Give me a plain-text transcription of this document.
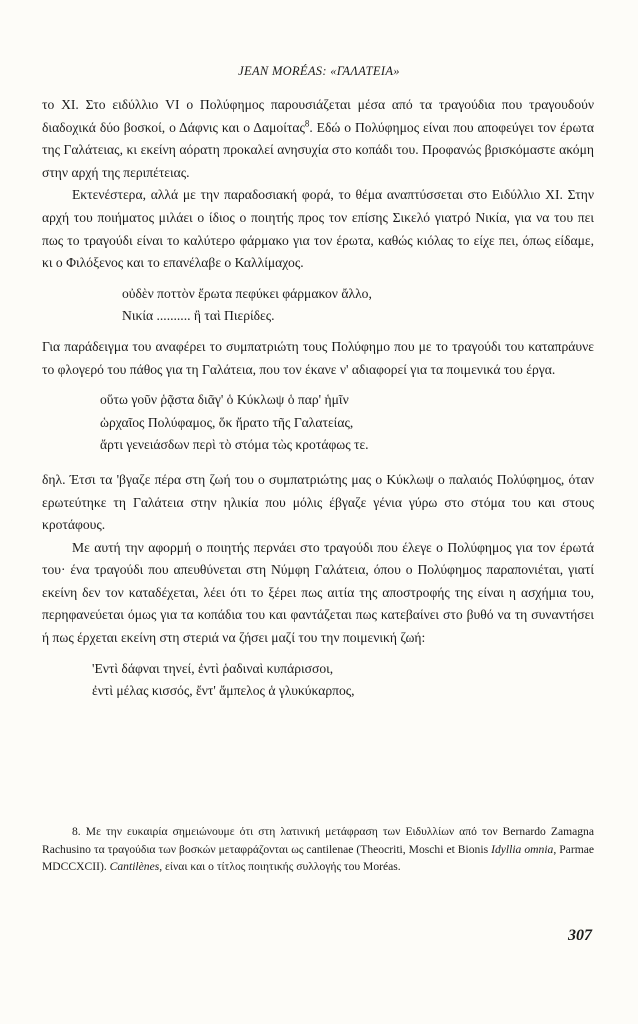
JEAN MORÉAS: «ΓΑΛΑΤΕΙΑ»

το XI. Στο ειδύλλιο VI ο Πολύφημος παρουσιάζεται μέσα από τα τραγούδια που τραγουδούν διαδοχικά δύο βοσκοί, ο Δάφνις και ο Δαμοίτας$^8$. Εδώ ο Πολύφημος είναι που αποφεύγει τον έρωτα της Γαλάτειας, κι εκείνη αόρατη προκαλεί ανησυχία στο κοπάδι του. Προφανώς βρισκόμαστε ακόμη στην αρχή της περιπέτειας.

Εκτενέστερα, αλλά με την παραδοσιακή φορά, το θέμα αναπτύσσεται στο Ειδύλλιο XI. Στην αρχή του ποιήματος μιλάει ο ίδιος ο ποιητής προς τον επίσης Σικελό γιατρό Νικία, για να του πει πως το τραγούδι είναι το καλύτερο φάρμακο για τον έρωτα, καθώς κιόλας το είχε πει, όπως είδαμε, κι ο Φιλόξενος και το επανέλαβε ο Καλλίμαχος.

οὐδὲν ποττὸν ἔρωτα πεφύκει φάρμακον ἄλλο,
Νικία .......... ἢ ταὶ Πιερίδες.

Για παράδειγμα του αναφέρει το συμπατριώτη τους Πολύφημο που με το τραγούδι του καταπράυνε το φλογερό του πάθος για τη Γαλάτεια, που τον έκανε ν' αδιαφορεί για τα ποιμενικά του έργα.

οὕτω γοῦν ῥᾷστα διᾶγ' ὁ Κύκλωψ ὁ παρ' ἡμῖν
ὡρχαῖος Πολύφαμος, ὅκ ἤρατο τῆς Γαλατείας,
ἄρτι γενειάσδων περὶ τὸ στόμα τὼς κροτάφως τε.

δηλ. Έτσι τα 'βγαζε πέρα στη ζωή του ο συμπατριώτης μας ο Κύκλωψ ο παλαιός Πολύφημος, όταν ερωτεύτηκε τη Γαλάτεια στην ηλικία που μόλις έβγαζε γένια γύρω στο στόμα του και στους κροτάφους.

Με αυτή την αφορμή ο ποιητής περνάει στο τραγούδι που έλεγε ο Πολύφημος για τον έρωτά του· ένα τραγούδι που απευθύνεται στη Νύμφη Γαλάτεια, όπου ο Πολύφημος παραπονιέται, γιατί εκείνη δεν τον καταδέχεται, λέει ότι το ξέρει πως αιτία της αποστροφής της είναι η ασχήμια του, περηφανεύεται όμως για τα κοπάδια του και φαντάζεται πως κατεβαίνει στο βυθό να τη συναντήσει ή πως έρχεται εκείνη στη στεριά να ζήσει μαζί του την ποιμενική ζωή:

'Εντὶ δάφναι τηνεί, ἐντὶ ῥαδιναὶ κυπάρισσοι,
ἐντὶ μέλας κισσός, ἔντ' ἄμπελος ἁ γλυκύκαρπος,
8. Με την ευκαιρία σημειώνουμε ότι στη λατινική μετάφραση των Ειδυλλίων από τον Bernardo Zamagna Rachusino τα τραγούδια των βοσκών μεταφράζονται ως cantilenae (Theocriti, Moschi et Bionis Idyllia omnia, Parmae MDCCXCII). Cantilènes, είναι και ο τίτλος ποιητικής συλλογής του Moréas.
307
